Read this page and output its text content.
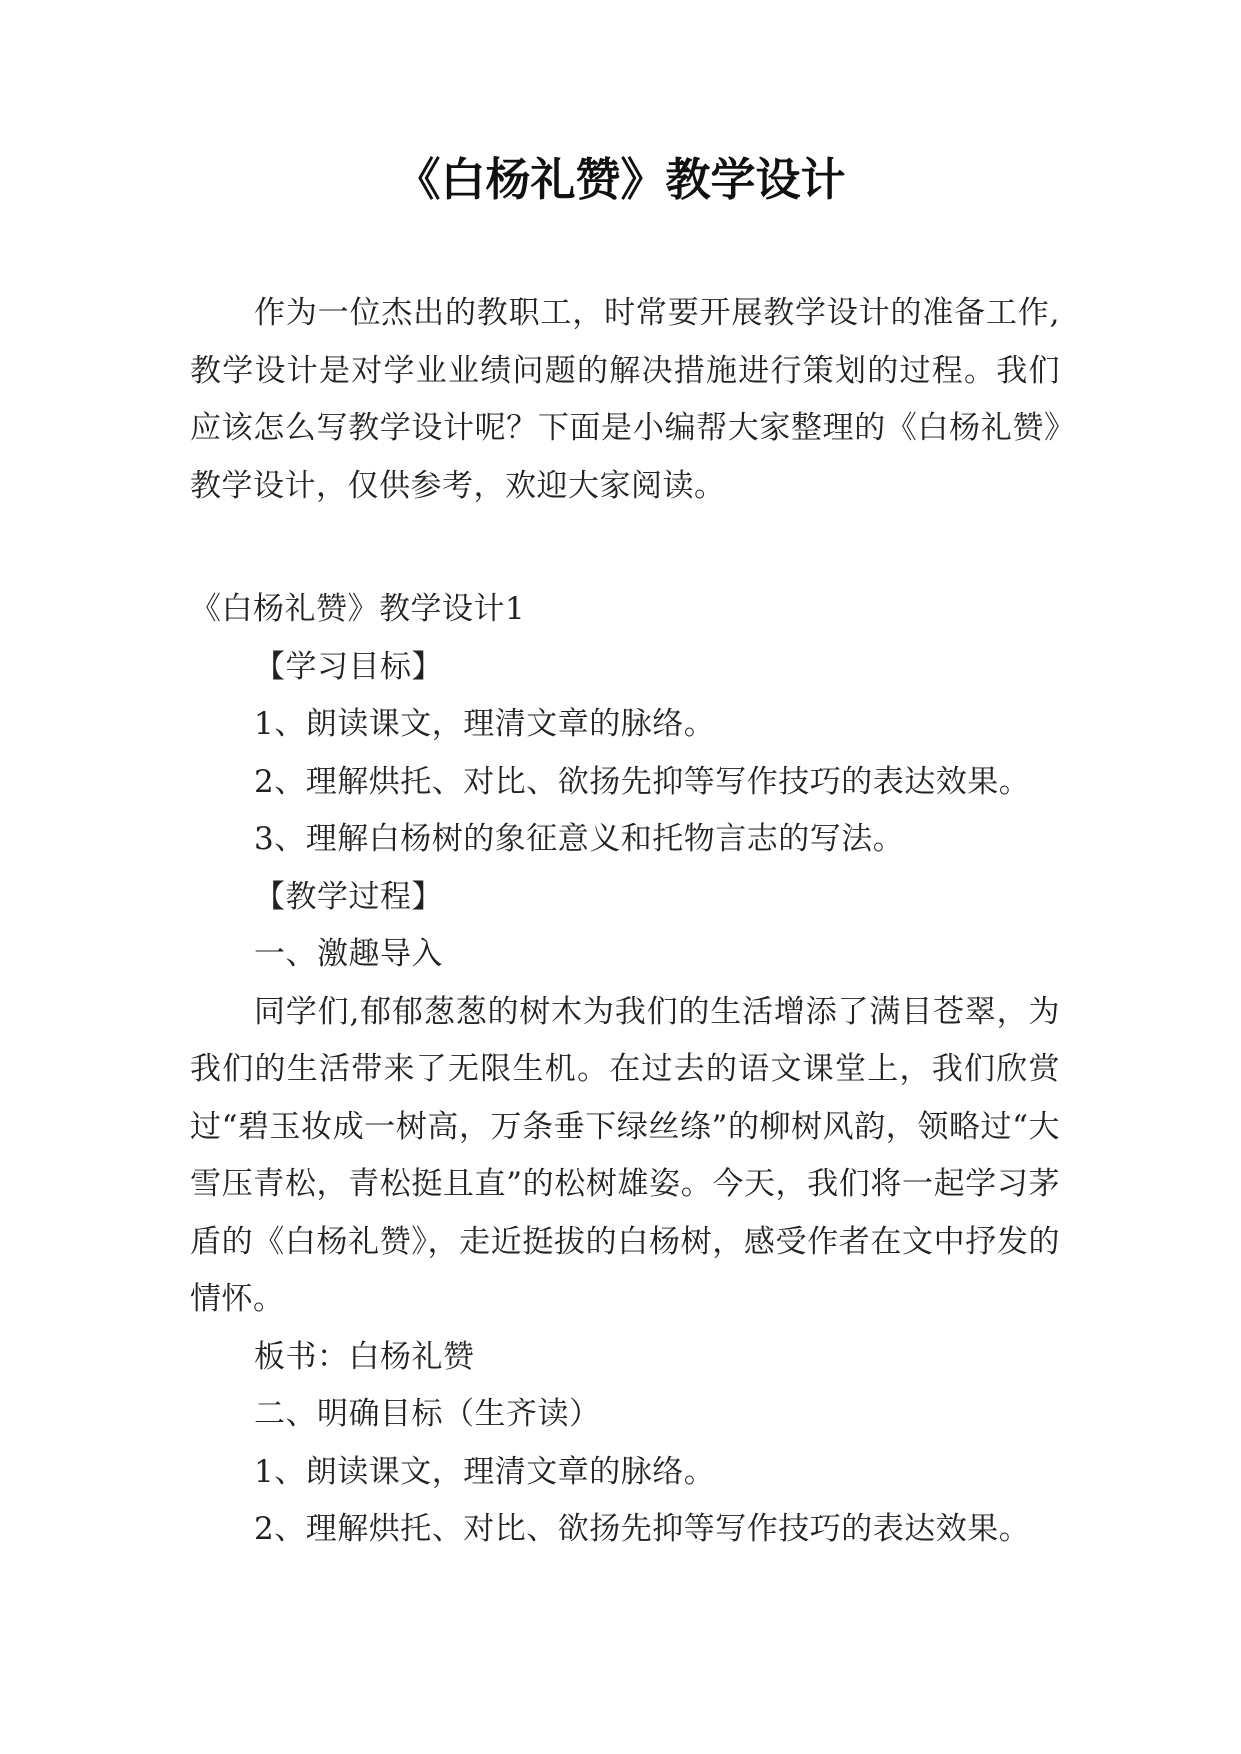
《白杨礼赞》教学设计

作为一位杰出的教职工，时常要开展教学设计的准备工作,教学设计是对学业业绩问题的解决措施进行策划的过程。我们应该怎么写教学设计呢？下面是小编帮大家整理的《白杨礼赞》教学设计，仅供参考，欢迎大家阅读。

《白杨礼赞》教学设计1

【学习目标】

1、朗读课文，理清文章的脉络。

2、理解烘托、对比、欲扬先抑等写作技巧的表达效果。

3、理解白杨树的象征意义和托物言志的写法。

【教学过程】

一、激趣导入

同学们,郁郁葱葱的树木为我们的生活增添了满目苍翠，为我们的生活带来了无限生机。在过去的语文课堂上，我们欣赏过“碧玉妆成一树高，万条垂下绿丝绦”的柳树风韵，领略过“大雪压青松，青松挺且直”的松树雄姿。今天，我们将一起学习茅盾的《白杨礼赞》，走近挺拔的白杨树，感受作者在文中抒发的情怀。

板书：白杨礼赞

二、明确目标（生齐读）

1、朗读课文，理清文章的脉络。

2、理解烘托、对比、欲扬先抑等写作技巧的表达效果。
